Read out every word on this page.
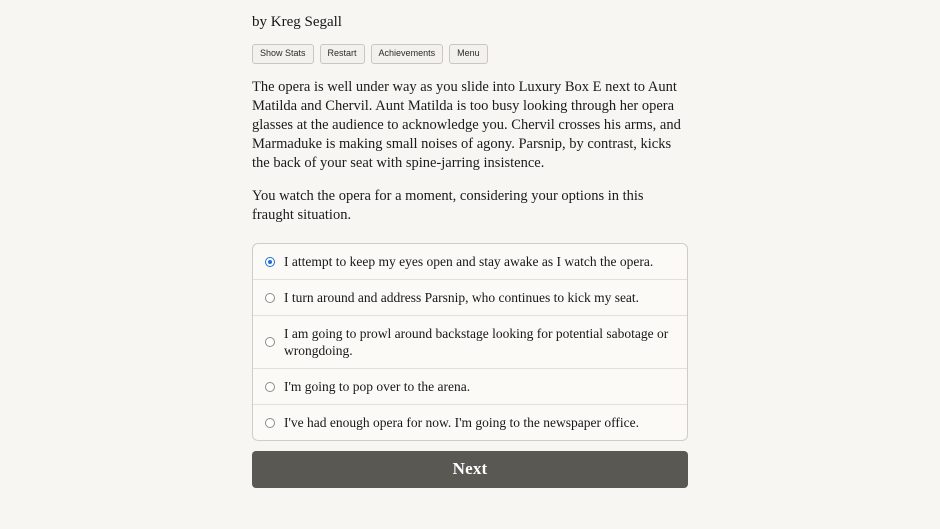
by Kreg Segall
Show Stats	Restart	Achievements	Menu

The opera is well under way as you slide into Luxury Box E next to Aunt Matilda and Chervil. Aunt Matilda is too busy looking through her opera glasses at the audience to acknowledge you. Chervil crosses his arms, and Marmaduke is making small noises of agony. Parsnip, by contrast, kicks the back of your seat with spine-jarring insistence.

You watch the opera for a moment, considering your options in this fraught situation.

I attempt to keep my eyes open and stay awake as I watch the opera.
I turn around and address Parsnip, who continues to kick my seat.
I am going to prowl around backstage looking for potential sabotage or wrongdoing.
I'm going to pop over to the arena.
I've had enough opera for now. I'm going to the newspaper office.
Next
